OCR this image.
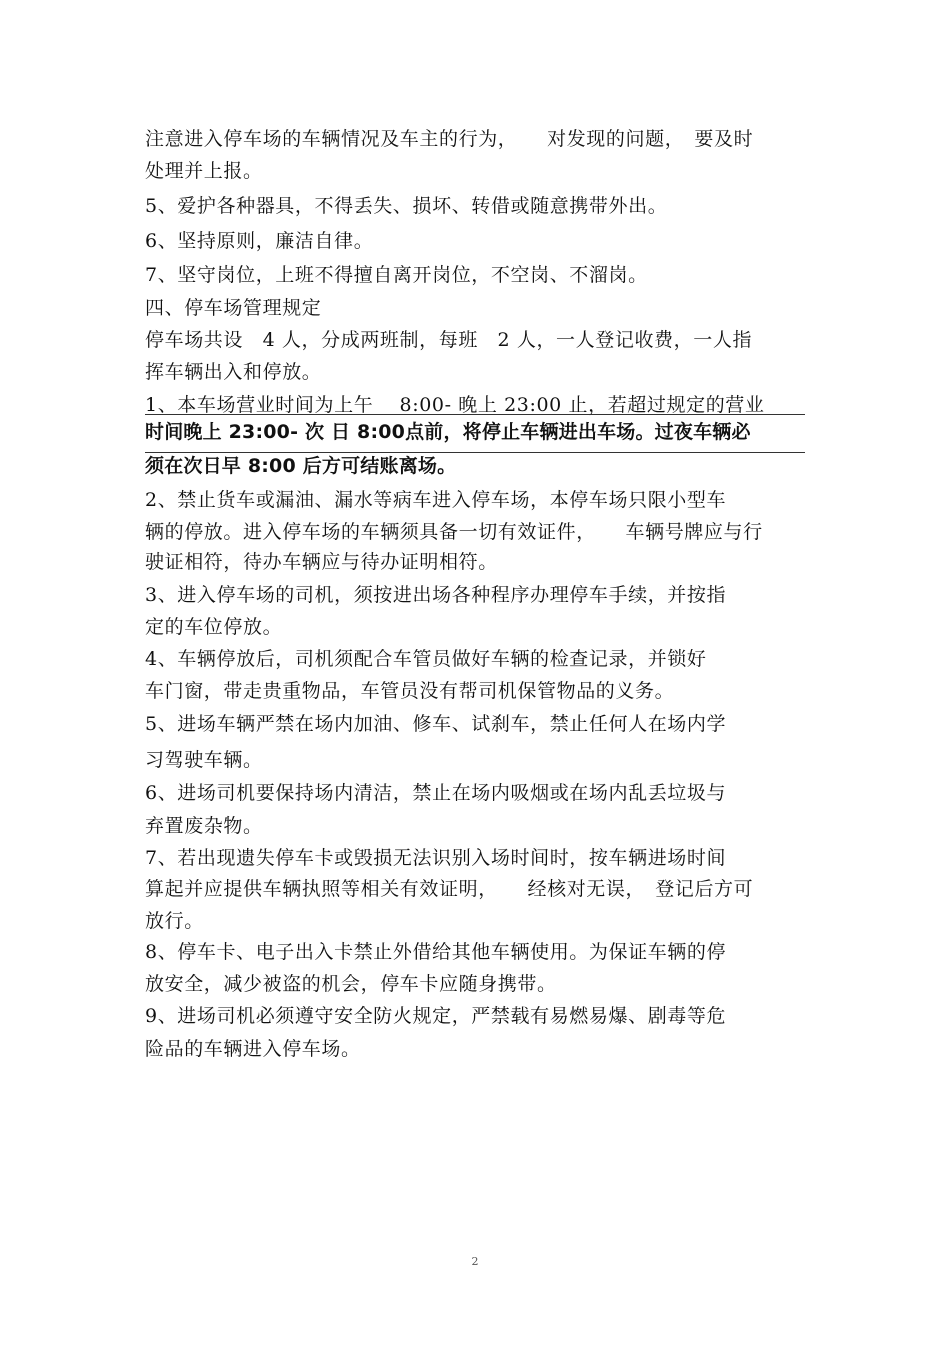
注意进入停车场的车辆情况及车主的行为，　　对发现的问题，　要及时
处理并上报。
5、爱护各种器具，不得丢失、损坏、转借或随意携带外出。
6、坚持原则，廉洁自律。
7、坚守岗位，上班不得擅自离开岗位，不空岗、不溜岗。
四、停车场管理规定
停车场共设　4 人，分成两班制，每班　2 人，一人登记收费，一人指
挥车辆出入和停放。
1、本车场营业时间为上午　 8:00- 晚上 23:00 止，若超过规定的营业
时间晚上 23:00- 次 日 8:00点前，将停止车辆进出车场。过夜车辆必
须在次日早 8:00 后方可结账离场。
2、禁止货车或漏油、漏水等病车进入停车场，本停车场只限小型车
辆的停放。进入停车场的车辆须具备一切有效证件，　　车辆号牌应与行
驶证相符，待办车辆应与待办证明相符。
3、进入停车场的司机，须按进出场各种程序办理停车手续，并按指
定的车位停放。
4、车辆停放后，司机须配合车管员做好车辆的检查记录，并锁好
车门窗，带走贵重物品，车管员没有帮司机保管物品的义务。
5、进场车辆严禁在场内加油、修车、试刹车，禁止任何人在场内学
习驾驶车辆。
6、进场司机要保持场内清洁，禁止在场内吸烟或在场内乱丢垃圾与
弃置废杂物。
7、若出现遗失停车卡或毁损无法识别入场时间时，按车辆进场时间
算起并应提供车辆执照等相关有效证明，　　经核对无误，　登记后方可
放行。
8、停车卡、电子出入卡禁止外借给其他车辆使用。为保证车辆的停
放安全，减少被盗的机会，停车卡应随身携带。
9、进场司机必须遵守安全防火规定，严禁载有易燃易爆、剧毒等危
险品的车辆进入停车场。
2
